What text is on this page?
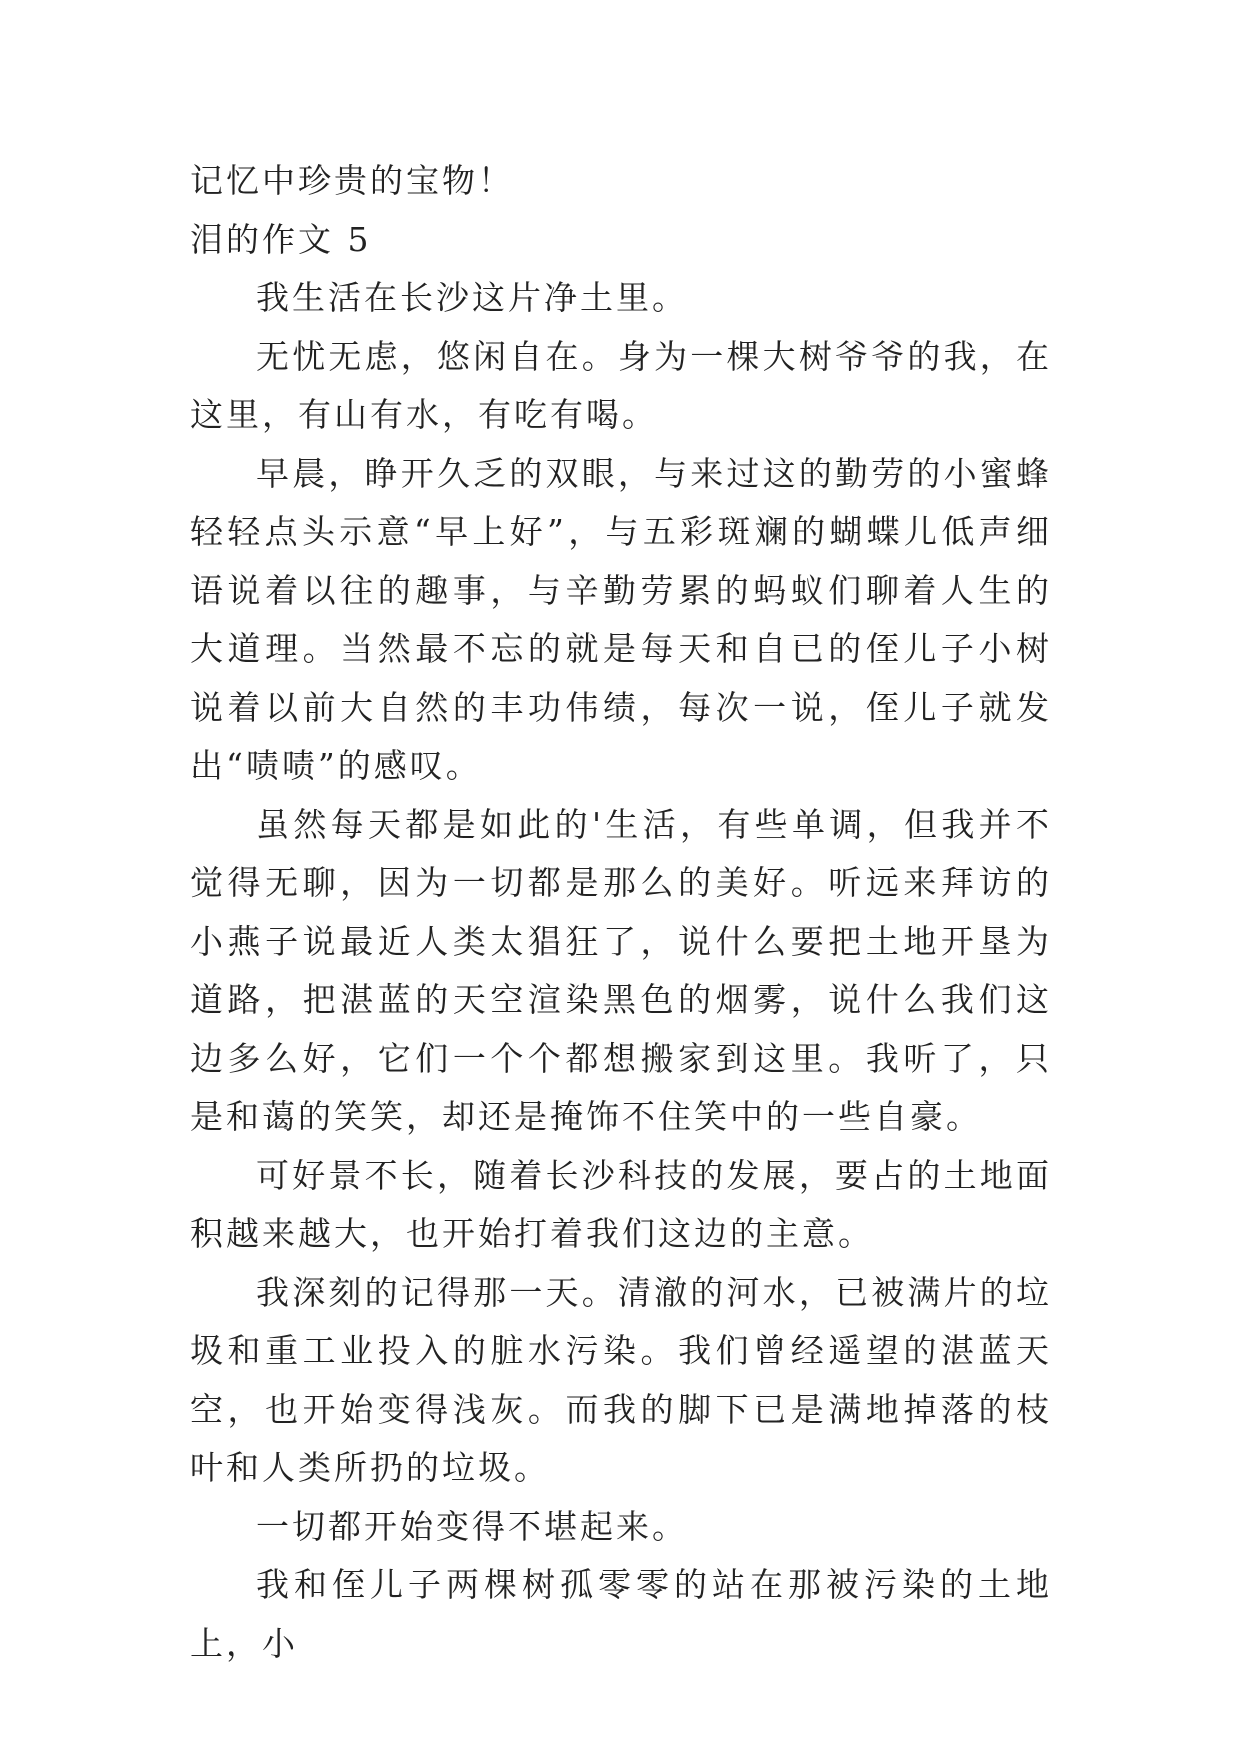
记忆中珍贵的宝物！

泪的作文 5

我生活在长沙这片净土里。

无忧无虑，悠闲自在。身为一棵大树爷爷的我，在这里，有山有水，有吃有喝。

早晨，睁开久乏的双眼，与来过这的勤劳的小蜜蜂轻轻点头示意“早上好”，与五彩斑斓的蝴蝶儿低声细语说着以往的趣事，与辛勤劳累的蚂蚁们聊着人生的大道理。当然最不忘的就是每天和自已的侄儿子小树说着以前大自然的丰功伟绩，每次一说，侄儿子就发出“啧啧”的感叹。

虽然每天都是如此的'生活，有些单调，但我并不觉得无聊，因为一切都是那么的美好。听远来拜访的小燕子说最近人类太猖狂了，说什么要把土地开垦为道路，把湛蓝的天空渲染黑色的烟雾，说什么我们这边多么好，它们一个个都想搬家到这里。我听了，只是和蔼的笑笑，却还是掩饰不住笑中的一些自豪。

可好景不长，随着长沙科技的发展，要占的土地面积越来越大，也开始打着我们这边的主意。

我深刻的记得那一天。清澈的河水，已被满片的垃圾和重工业投入的脏水污染。我们曾经遥望的湛蓝天空，也开始变得浅灰。而我的脚下已是满地掉落的枝叶和人类所扔的垃圾。

一切都开始变得不堪起来。

我和侄儿子两棵树孤零零的站在那被污染的土地上，小
